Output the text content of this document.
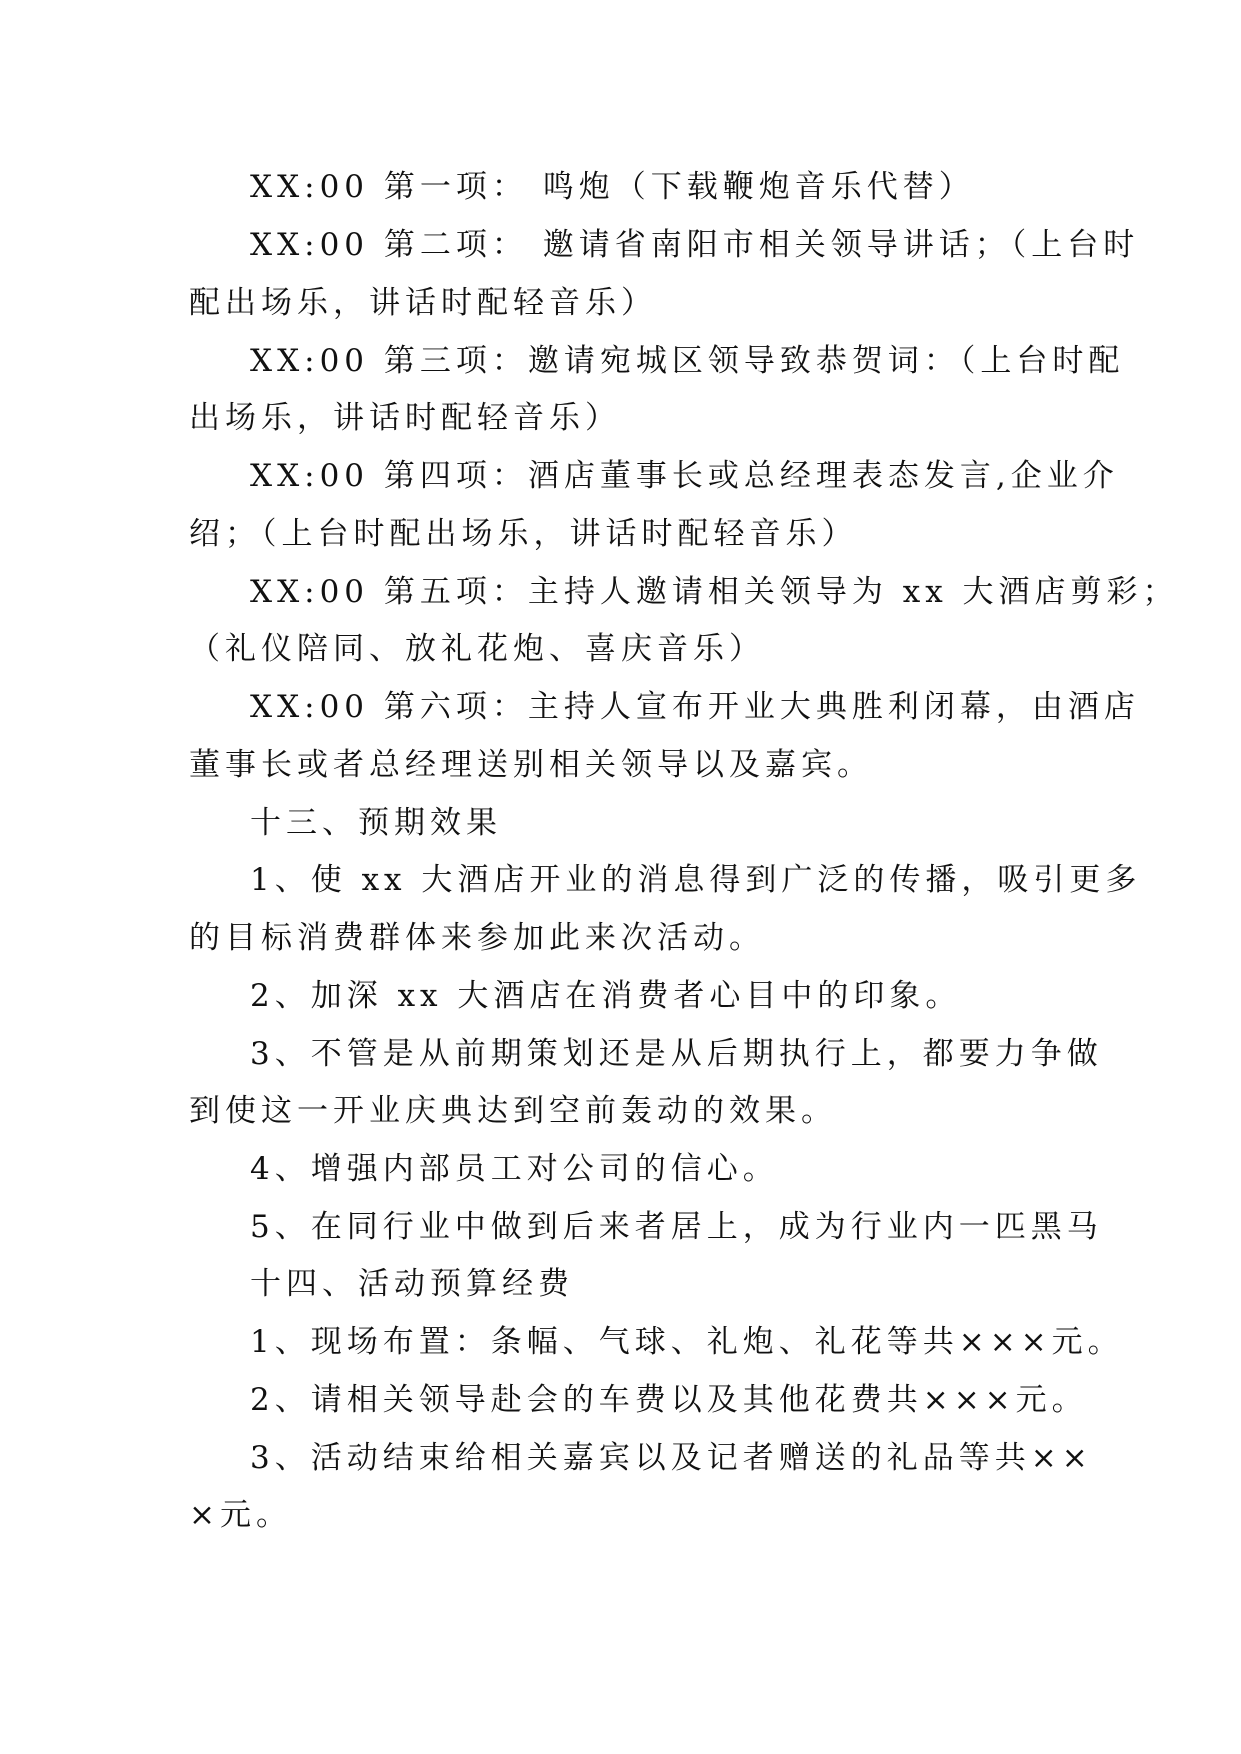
XX:00 第一项： 鸣炮（下载鞭炮音乐代替）

XX:00 第二项： 邀请省南阳市相关领导讲话；（上台时

配出场乐，讲话时配轻音乐）

XX:00 第三项：邀请宛城区领导致恭贺词：（上台时配

出场乐，讲话时配轻音乐）

XX:00 第四项：酒店董事长或总经理表态发言,企业介

绍；（上台时配出场乐，讲话时配轻音乐）

XX:00 第五项：主持人邀请相关领导为 xx 大酒店剪彩；

（礼仪陪同、放礼花炮、喜庆音乐）

XX:00 第六项：主持人宣布开业大典胜利闭幕，由酒店

董事长或者总经理送别相关领导以及嘉宾。

十三、预期效果

1、使 xx 大酒店开业的消息得到广泛的传播，吸引更多

的目标消费群体来参加此来次活动。

2、加深 xx 大酒店在消费者心目中的印象。

3、不管是从前期策划还是从后期执行上，都要力争做

到使这一开业庆典达到空前轰动的效果。

4、增强内部员工对公司的信心。

5、在同行业中做到后来者居上，成为行业内一匹黑马

十四、活动预算经费

1、现场布置：条幅、气球、礼炮、礼花等共×××元。

2、请相关领导赴会的车费以及其他花费共×××元。

3、活动结束给相关嘉宾以及记者赠送的礼品等共××

×元。
